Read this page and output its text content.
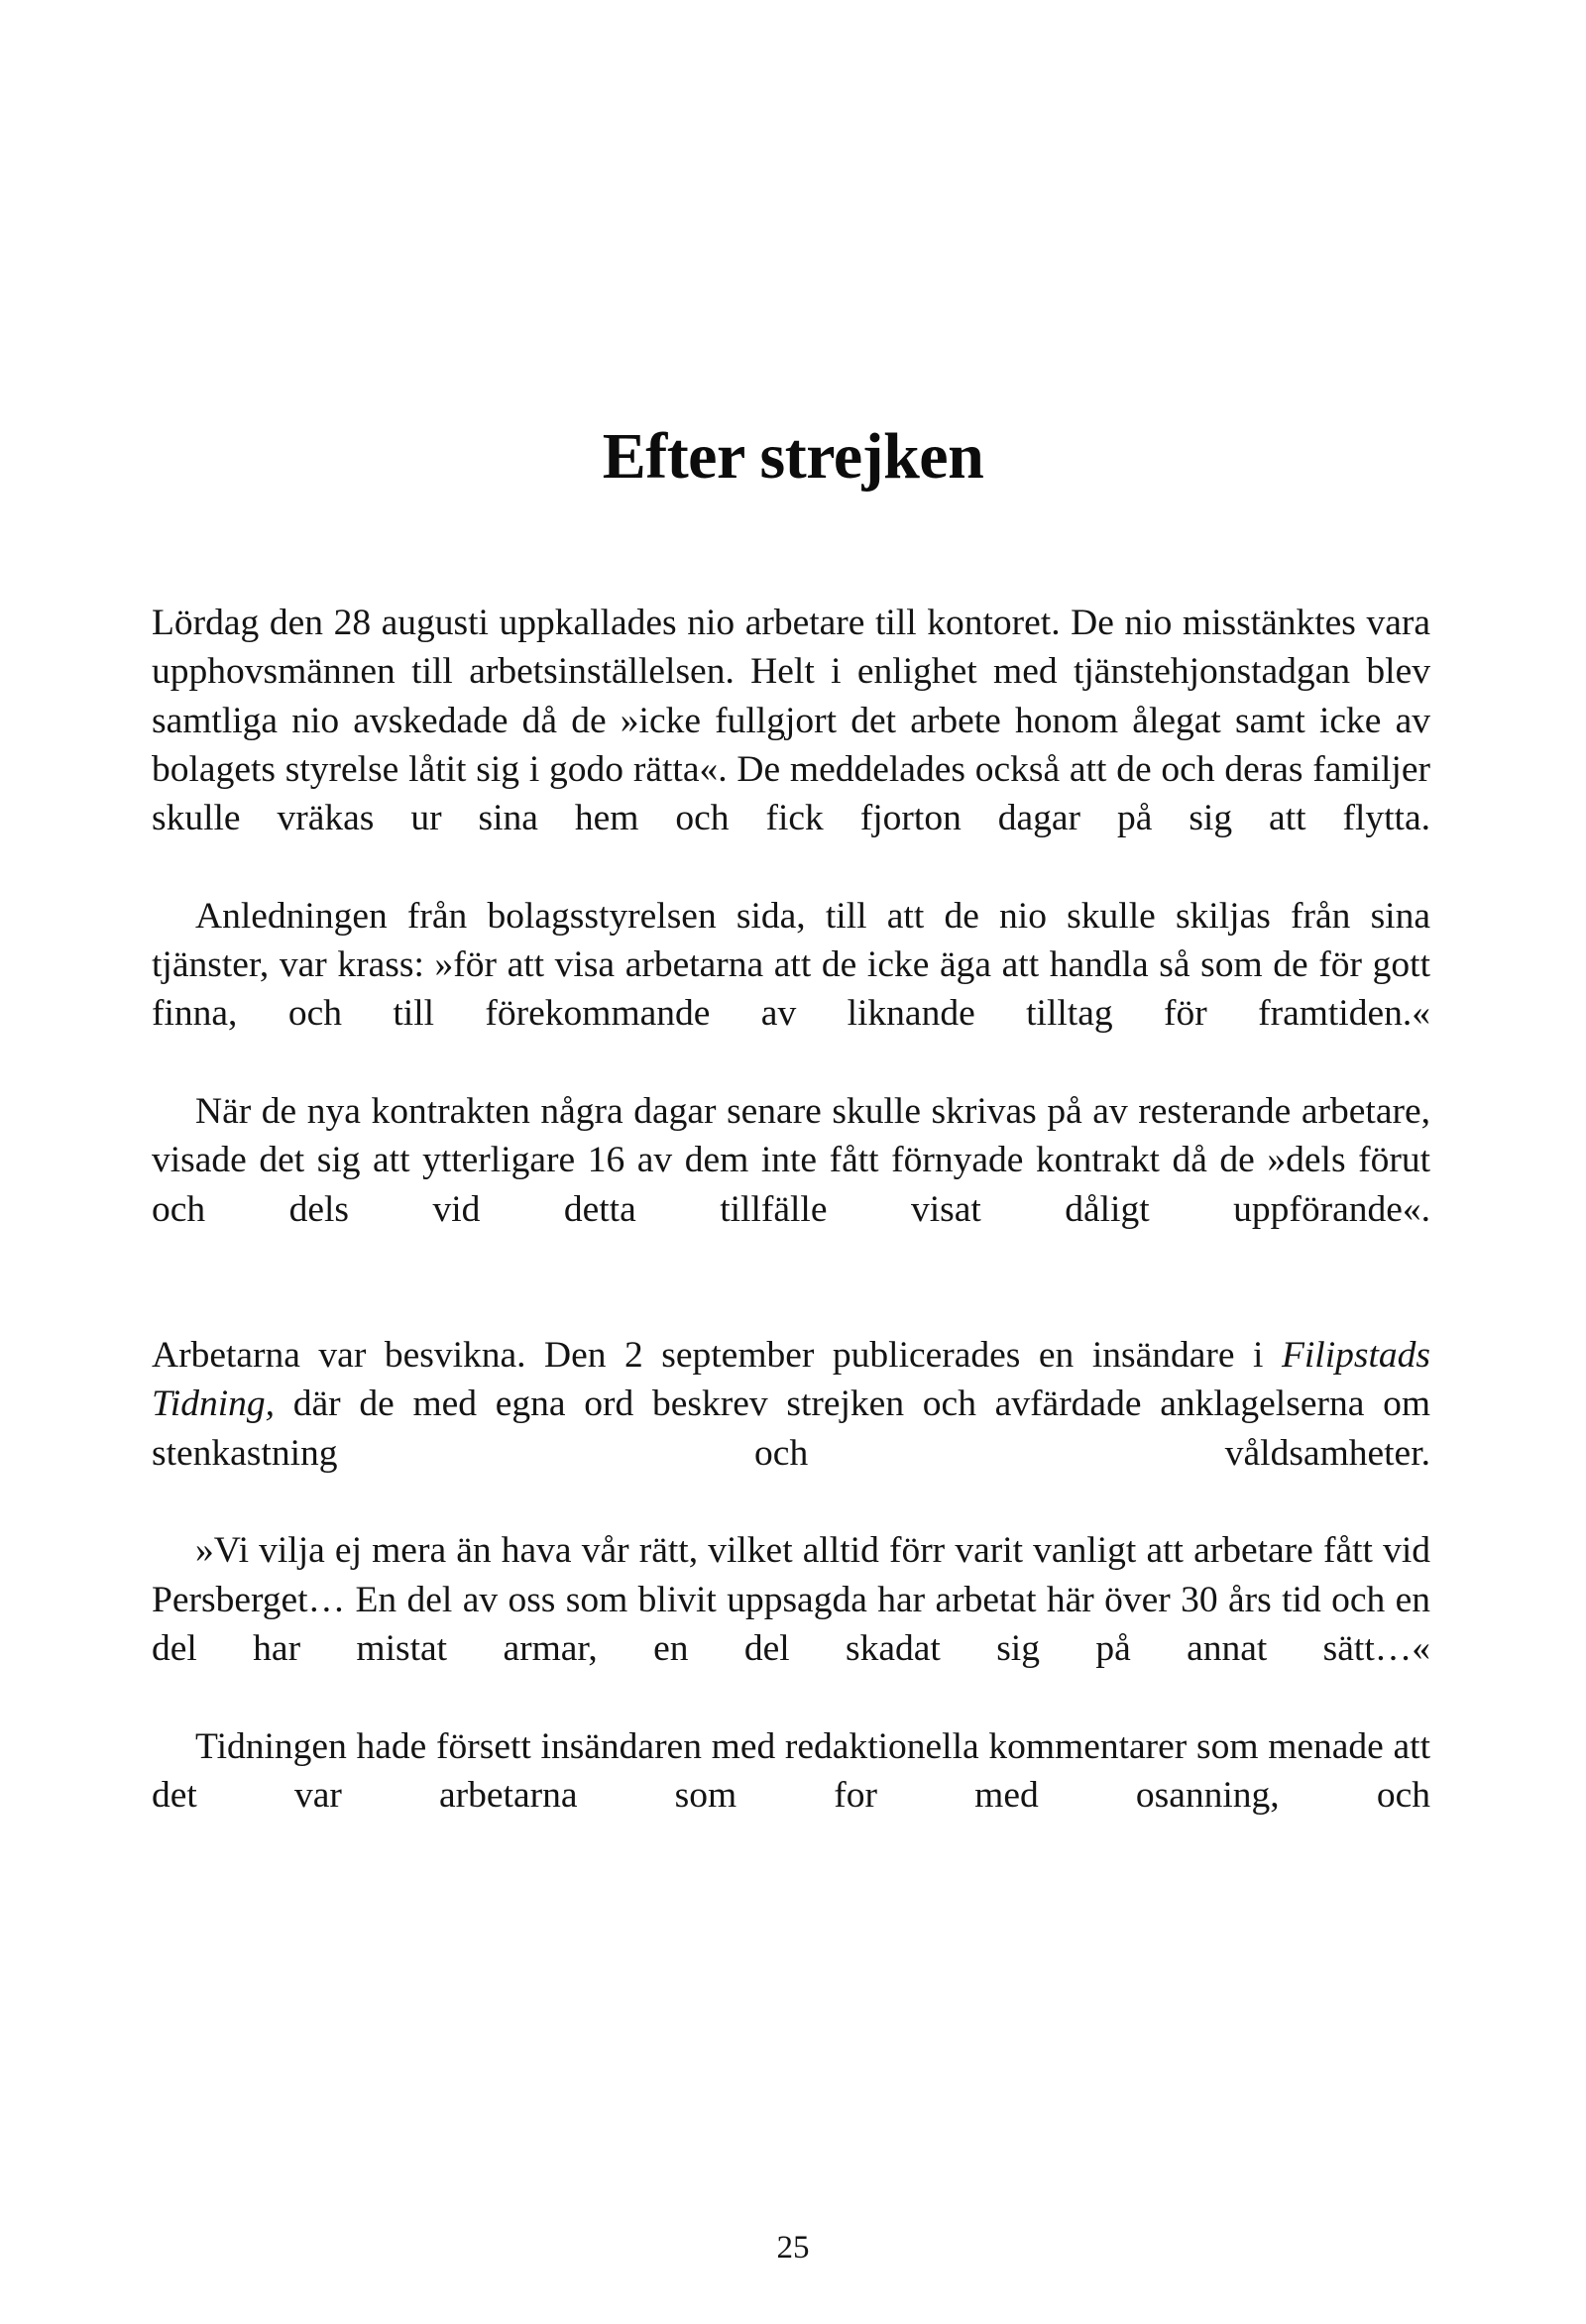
Efter strejken

Lördag den 28 augusti uppkallades nio arbetare till kontoret. De nio misstänktes vara upphovsmännen till arbetsinställelsen. Helt i enlighet med tjänstehjonstadgan blev samtliga nio avskedade då de »icke fullgjort det arbete honom ålegat samt icke av bolagets styrelse låtit sig i godo rätta«. De meddelades också att de och deras familjer skulle vräkas ur sina hem och fick fjorton dagar på sig att flytta.

Anledningen från bolagsstyrelsen sida, till att de nio skulle skiljas från sina tjänster, var krass: »för att visa arbetarna att de icke äga att handla så som de för gott finna, och till förekommande av liknande tilltag för framtiden.«

När de nya kontrakten några dagar senare skulle skrivas på av resterande arbetare, visade det sig att ytterligare 16 av dem inte fått förnyade kontrakt då de »dels förut och dels vid detta tillfälle visat dåligt uppförande«.

Arbetarna var besvikna. Den 2 september publicerades en insändare i Filipstads Tidning, där de med egna ord beskrev strejken och avfärdade anklagelserna om stenkastning och våldsamheter.

»Vi vilja ej mera än hava vår rätt, vilket alltid förr varit vanligt att arbetare fått vid Persberget… En del av oss som blivit uppsagda har arbetat här över 30 års tid och en del har mistat armar, en del skadat sig på annat sätt…«

Tidningen hade försett insändaren med redaktionella kommentarer som menade att det var arbetarna som for med osanning, och

25
